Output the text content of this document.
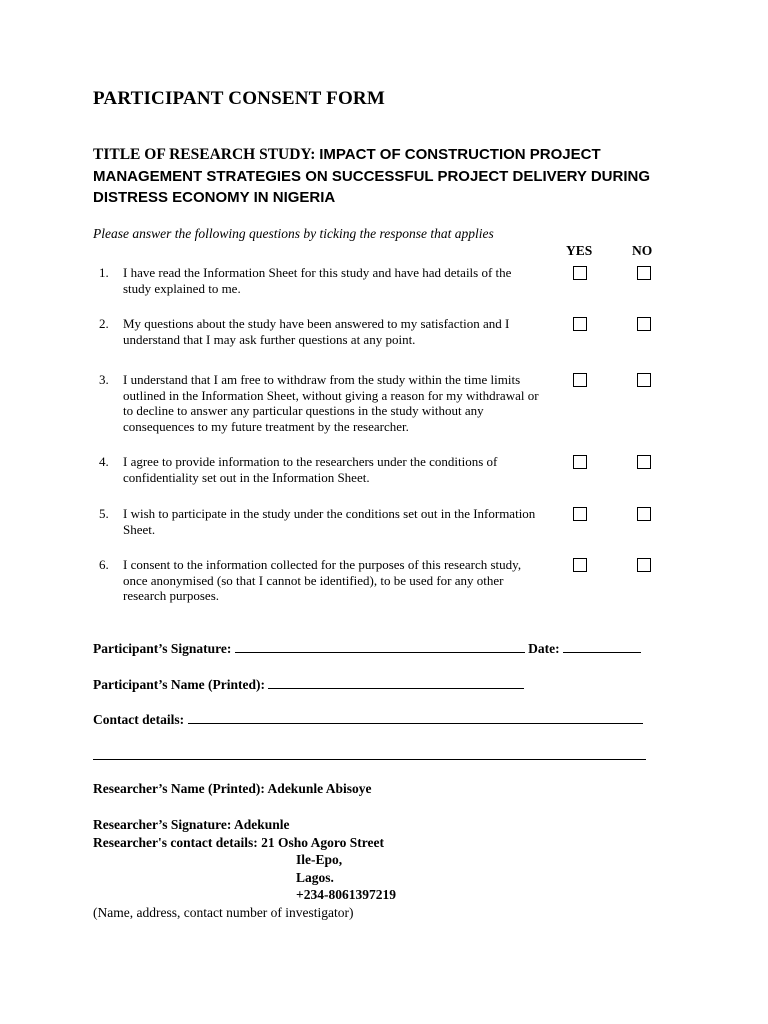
PARTICIPANT CONSENT FORM
TITLE OF RESEARCH STUDY: IMPACT OF CONSTRUCTION PROJECT MANAGEMENT STRATEGIES ON SUCCESSFUL PROJECT DELIVERY DURING DISTRESS ECONOMY IN NIGERIA
Please answer the following questions by ticking the response that applies
YES	NO
1.	I have read the Information Sheet for this study and have had details of the study explained to me.
2.	My questions about the study have been answered to my satisfaction and I understand that I may ask further questions at any point.
3.	I understand that I am free to withdraw from the study within the time limits outlined in the Information Sheet, without giving a reason for my withdrawal or to decline to answer any particular questions in the study without any consequences to my future treatment by the researcher.
4.	I agree to provide information to the researchers under the conditions of confidentiality set out in the Information Sheet.
5.	I wish to participate in the study under the conditions set out in the Information Sheet.
6.	I consent to the information collected for the purposes of this research study, once anonymised (so that I cannot be identified), to be used for any other research purposes.
Participant’s Signature:	Date:
Participant’s Name (Printed):
Contact details:
Researcher’s Name (Printed): Adekunle Abisoye
Researcher’s Signature: Adekunle
Researcher's contact details: 21 Osho Agoro Street
Ile-Epo,
Lagos.
+234-8061397219
(Name, address, contact number of investigator)
